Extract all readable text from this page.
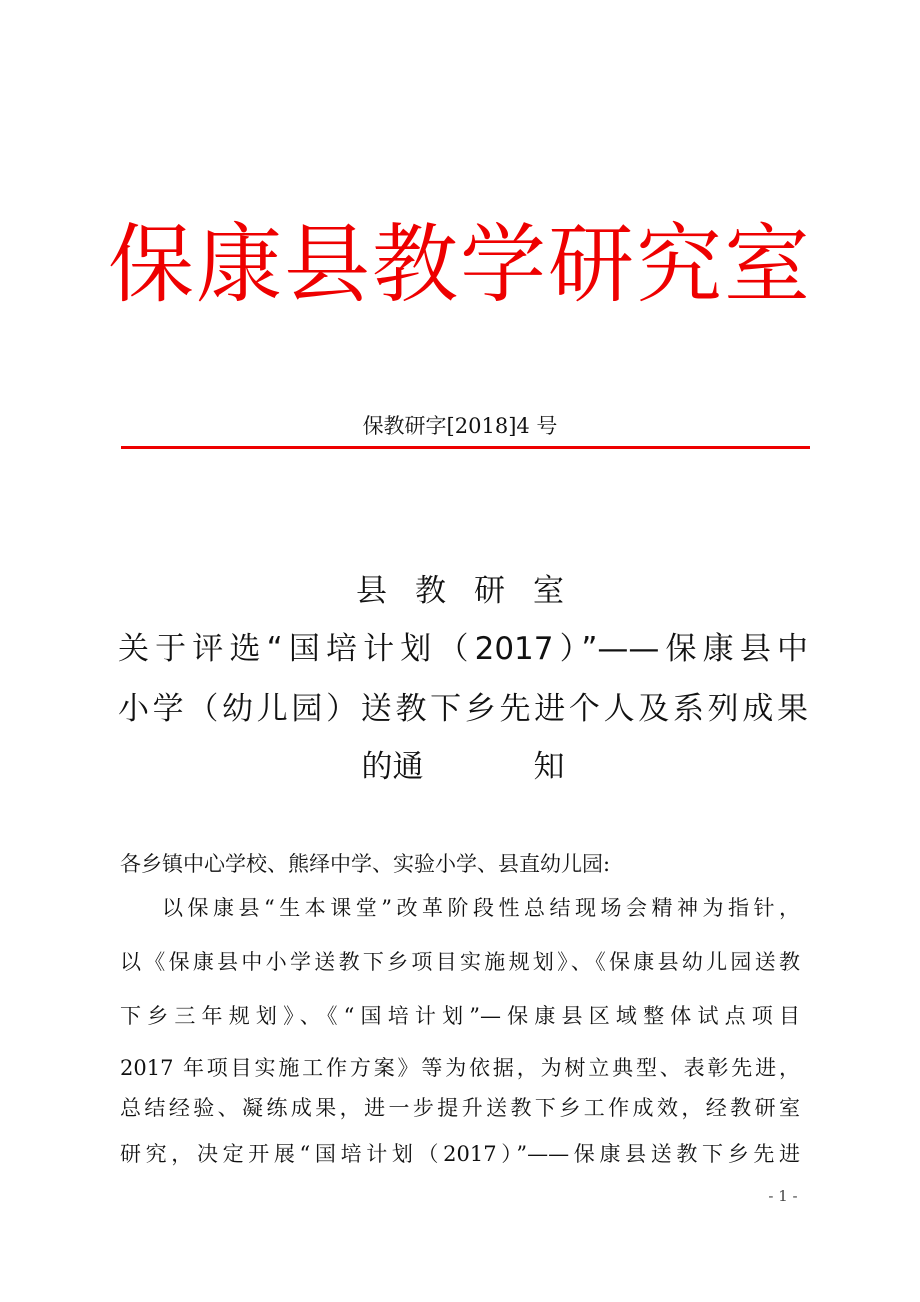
保康县教学研究室
保教研字[2018]4 号
县教研室
关于评选“国培计划（2017）”——保康县中
小学（幼儿园）送教下乡先进个人及系列成果
的通	知
各乡镇中心学校、熊绎中学、实验小学、县直幼儿园:
以保康县“生本课堂”改革阶段性总结现场会精神为指针，
以《保康县中小学送教下乡项目实施规划》、《保康县幼儿园送教
下乡三年规划》、《“国培计划”—保康县区域整体试点项目
2017 年项目实施工作方案》等为依据，为树立典型、表彰先进，
总结经验、凝练成果，进一步提升送教下乡工作成效，经教研室
研究，决定开展“国培计划（2017）”——保康县送教下乡先进
- 1 -
